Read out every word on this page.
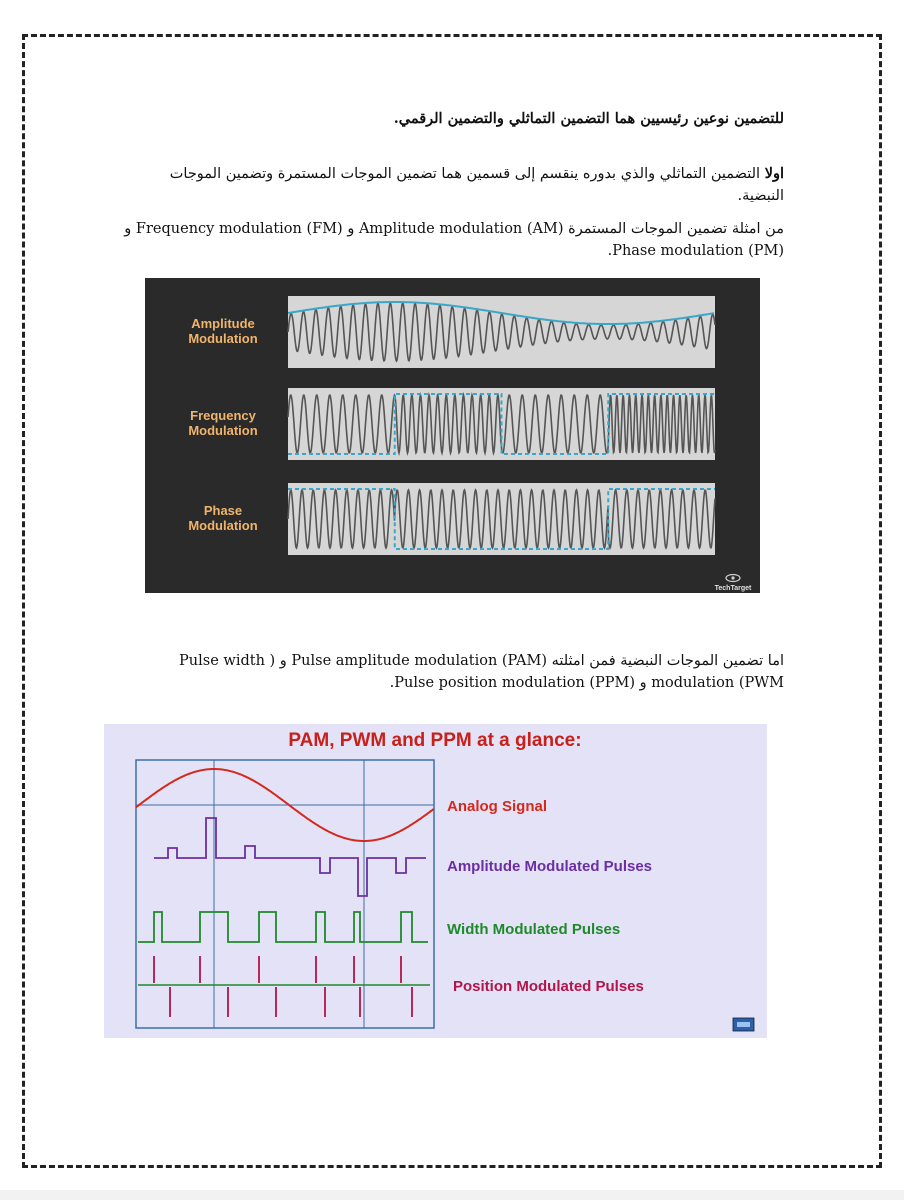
للتضمين نوعين رئيسيين هما التضمين التماثلي والتضمين الرقمي.
اولا التضمين التماثلي والذي بدوره ينقسم إلى قسمين هما تضمين الموجات المستمرة وتضمين الموجات النبضية.
من امثلة تضمين الموجات المستمرة (Amplitude modulation (AM و (Frequency modulation (FM و Phase modulation (PM).
Amplitude
Modulation
Frequency
Modulation
Phase
Modulation
TechTarget
اما تضمين الموجات النبضية فمن امثلته (Pulse amplitude modulation (PAM و ( Pulse width modulation (PWM و (Pulse position modulation (PPM.
PAM, PWM and PPM at a glance:
Analog Signal
Amplitude Modulated Pulses
Width Modulated Pulses
Position Modulated Pulses
